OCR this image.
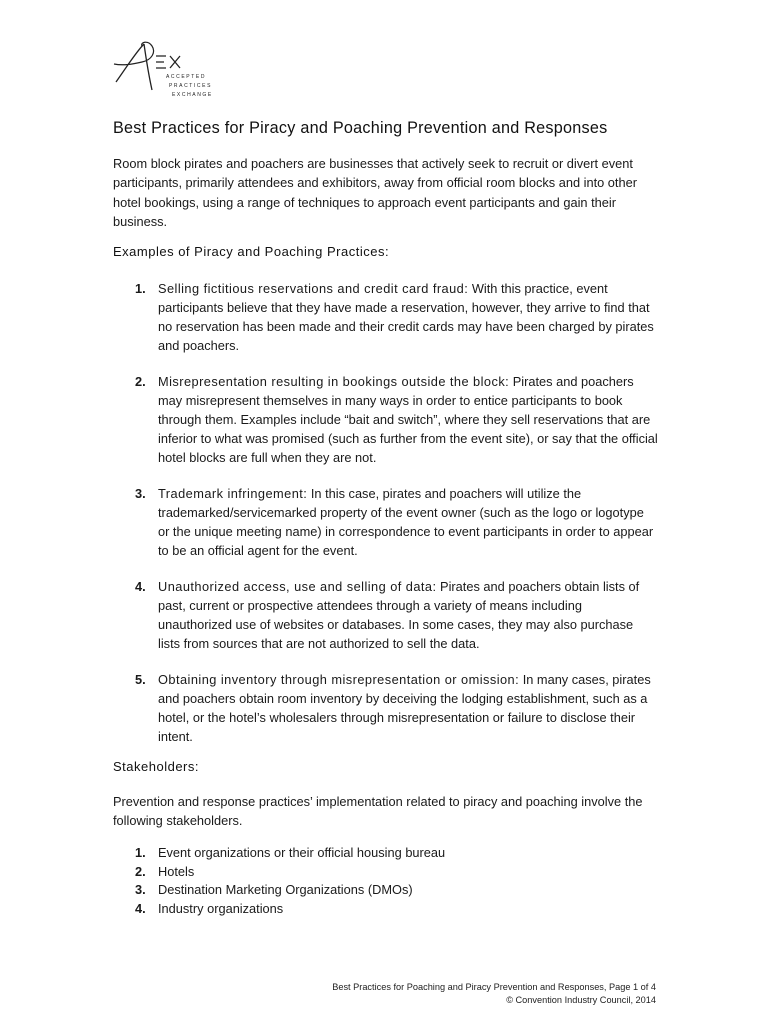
ACCEPTED
PRACTICES
EXCHANGE
Best Practices for Piracy and Poaching Prevention and Responses
Room block pirates and poachers are businesses that actively seek to recruit or divert event participants, primarily attendees and exhibitors, away from official room blocks and into other hotel bookings, using a range of techniques to approach event participants and gain their business.
Examples of Piracy and Poaching Practices:
1. Selling fictitious reservations and credit card fraud: With this practice, event participants believe that they have made a reservation, however, they arrive to find that no reservation has been made and their credit cards may have been charged by pirates and poachers.
2. Misrepresentation resulting in bookings outside the block: Pirates and poachers may misrepresent themselves in many ways in order to entice participants to book through them. Examples include “bait and switch”, where they sell reservations that are inferior to what was promised (such as further from the event site), or say that the official hotel blocks are full when they are not.
3. Trademark infringement: In this case, pirates and poachers will utilize the trademarked/servicemarked property of the event owner (such as the logo or logotype or the unique meeting name) in correspondence to event participants in order to appear to be an official agent for the event.
4. Unauthorized access, use and selling of data: Pirates and poachers obtain lists of past, current or prospective attendees through a variety of means including unauthorized use of websites or databases. In some cases, they may also purchase lists from sources that are not authorized to sell the data.
5. Obtaining inventory through misrepresentation or omission: In many cases, pirates and poachers obtain room inventory by deceiving the lodging establishment, such as a hotel, or the hotel’s wholesalers through misrepresentation or failure to disclose their intent.
Stakeholders:
Prevention and response practices’ implementation related to piracy and poaching involve the following stakeholders.
1. Event organizations or their official housing bureau
2. Hotels
3. Destination Marketing Organizations (DMOs)
4. Industry organizations
Best Practices for Poaching and Piracy Prevention and Responses, Page 1 of 4
© Convention Industry Council, 2014
